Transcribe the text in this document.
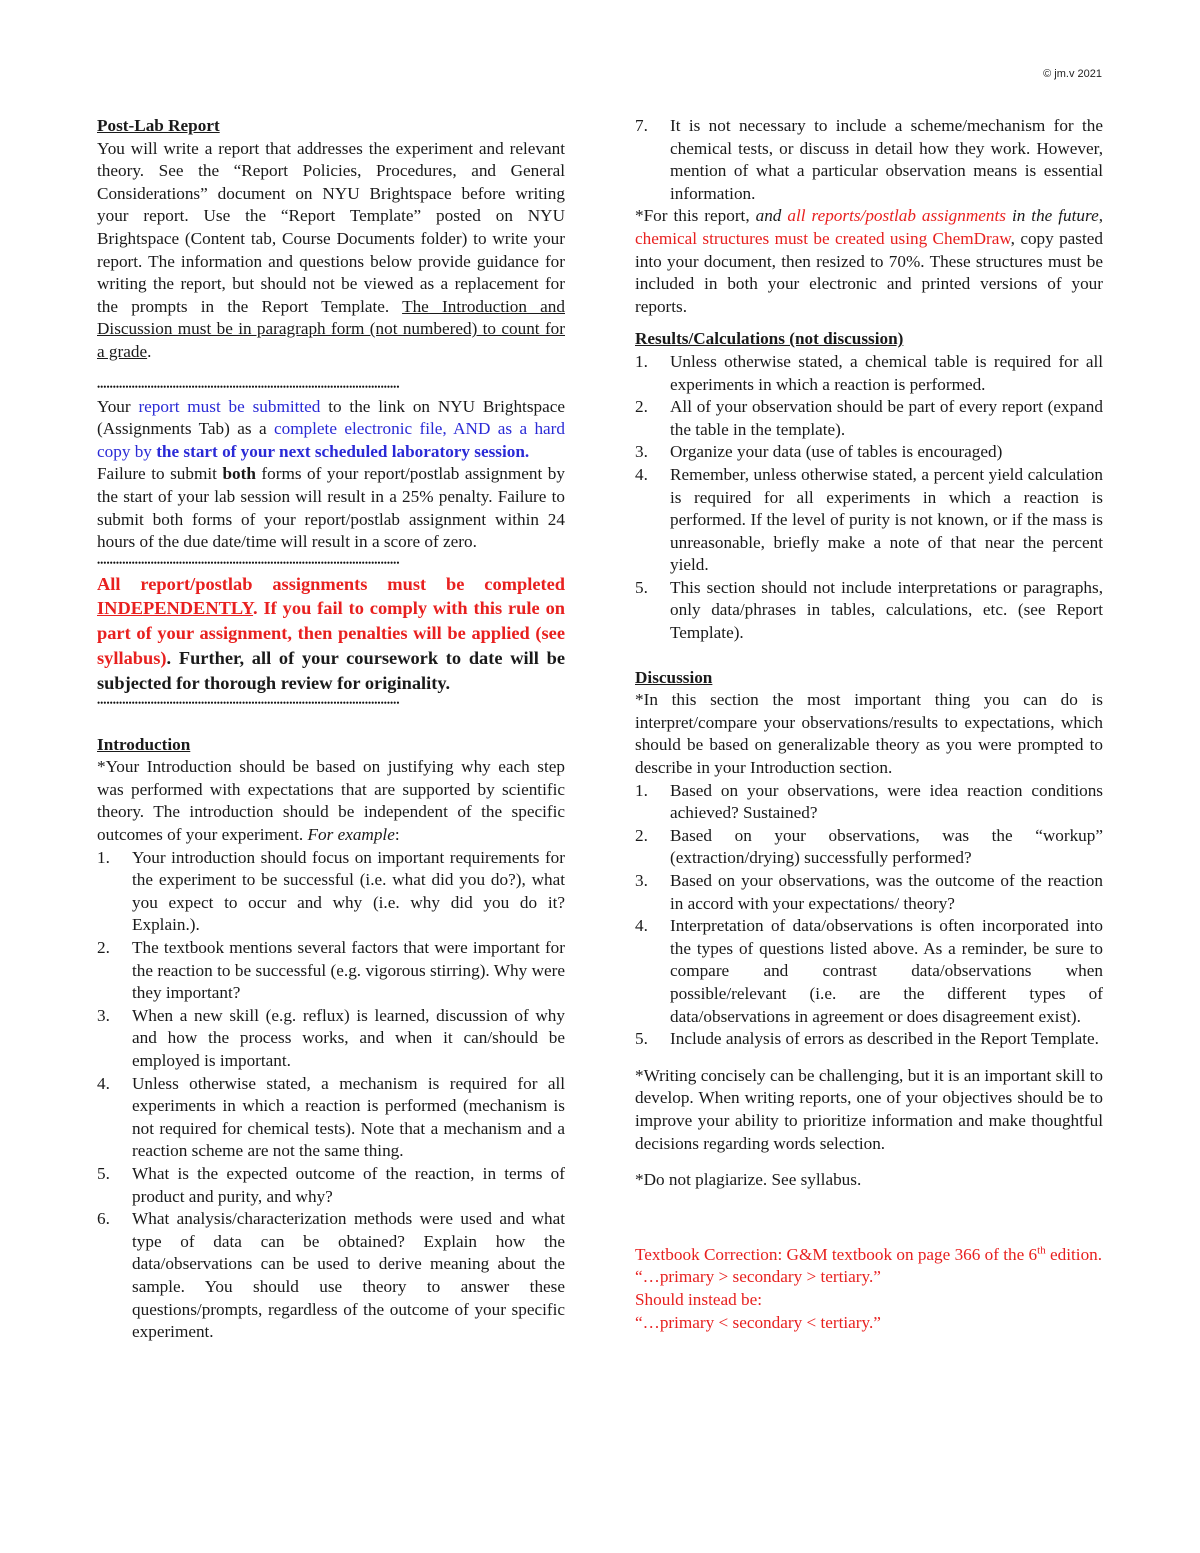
© jm.v 2021

Post-Lab Report

You will write a report that addresses the experiment and relevant theory. See the “Report Policies, Procedures, and General Considerations” document on NYU Brightspace before writing your report. Use the “Report Template” posted on NYU Brightspace (Content tab, Course Documents folder) to write your report. The information and questions below provide guidance for writing the report, but should not be viewed as a replacement for the prompts in the Report Template. The Introduction and Discussion must be in paragraph form (not numbered) to count for a grade.

••••••••••••••••••••••••••••••••••••••••••••••••••••••••••••••••••••••••••••••••••••••••••••••••

Your report must be submitted to the link on NYU Brightspace (Assignments Tab) as a complete electronic file, AND as a hard copy by the start of your next scheduled laboratory session.

Failure to submit both forms of your report/postlab assignment by the start of your lab session will result in a 25% penalty. Failure to submit both forms of your report/postlab assignment within 24 hours of the due date/time will result in a score of zero.

••••••••••••••••••••••••••••••••••••••••••••••••••••••••••••••••••••••••••••••••••••••••••••••••

All report/postlab assignments must be completed INDEPENDENTLY. If you fail to comply with this rule on part of your assignment, then penalties will be applied (see syllabus). Further, all of your coursework to date will be subjected for thorough review for originality.

••••••••••••••••••••••••••••••••••••••••••••••••••••••••••••••••••••••••••••••••••••••••••••••••

Introduction

*Your Introduction should be based on justifying why each step was performed with expectations that are supported by scientific theory. The introduction should be independent of the specific outcomes of your experiment. For example:

1.	Your introduction should focus on important requirements for the experiment to be successful (i.e. what did you do?), what you expect to occur and why (i.e. why did you do it? Explain.).
2.	The textbook mentions several factors that were important for the reaction to be successful (e.g. vigorous stirring). Why were they important?
3.	When a new skill (e.g. reflux) is learned, discussion of why and how the process works, and when it can/should be employed is important.
4.	Unless otherwise stated, a mechanism is required for all experiments in which a reaction is performed (mechanism is not required for chemical tests). Note that a mechanism and a reaction scheme are not the same thing.
5.	What is the expected outcome of the reaction, in terms of product and purity, and why?
6.	What analysis/characterization methods were used and what type of data can be obtained? Explain how the data/observations can be used to derive meaning about the sample. You should use theory to answer these questions/prompts, regardless of the outcome of your specific experiment.
7.	It is not necessary to include a scheme/mechanism for the chemical tests, or discuss in detail how they work. However, mention of what a particular observation means is essential information.

*For this report, and all reports/postlab assignments in the future, chemical structures must be created using ChemDraw, copy pasted into your document, then resized to 70%. These structures must be included in both your electronic and printed versions of your reports.

Results/Calculations (not discussion)

1.	Unless otherwise stated, a chemical table is required for all experiments in which a reaction is performed.
2.	All of your observation should be part of every report (expand the table in the template).
3.	Organize your data (use of tables is encouraged)
4.	Remember, unless otherwise stated, a percent yield calculation is required for all experiments in which a reaction is performed. If the level of purity is not known, or if the mass is unreasonable, briefly make a note of that near the percent yield.
5.	This section should not include interpretations or paragraphs, only data/phrases in tables, calculations, etc. (see Report Template).

Discussion

*In this section the most important thing you can do is interpret/compare your observations/results to expectations, which should be based on generalizable theory as you were prompted to describe in your Introduction section.

1.	Based on your observations, were idea reaction conditions achieved? Sustained?
2.	Based on your observations, was the “workup” (extraction/drying) successfully performed?
3.	Based on your observations, was the outcome of the reaction in accord with your expectations/ theory?
4.	Interpretation of data/observations is often incorporated into the types of questions listed above. As a reminder, be sure to compare and contrast data/observations when possible/relevant (i.e. are the different types of data/observations in agreement or does disagreement exist).
5.	Include analysis of errors as described in the Report Template.

*Writing concisely can be challenging, but it is an important skill to develop. When writing reports, one of your objectives should be to improve your ability to prioritize information and make thoughtful decisions regarding words selection.

*Do not plagiarize. See syllabus.

Textbook Correction: G&M textbook on page 366 of the 6th edition.

“…primary > secondary > tertiary.”

Should instead be:

“…primary < secondary < tertiary.”
